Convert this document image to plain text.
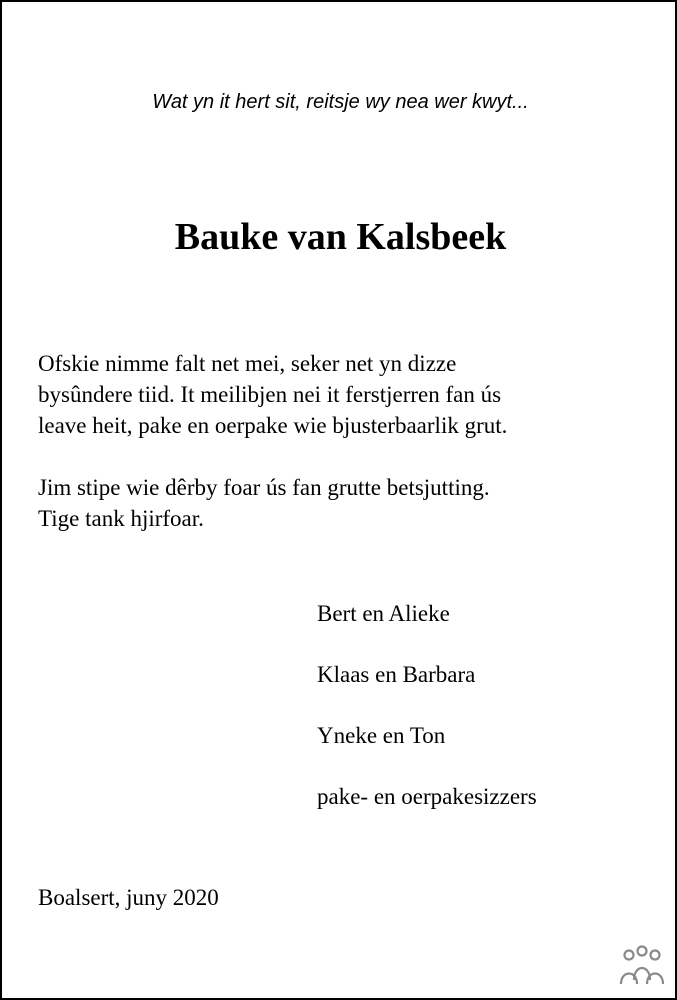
Wat yn it hert sit, reitsje wy nea wer kwyt...
Bauke van Kalsbeek

Ofskie nimme falt net mei, seker net yn dizze
bysûndere tiid. It meilibjen nei it ferstjerren fan ús
leave heit, pake en oerpake wie bjusterbaarlik grut.

Jim stipe wie dêrby foar ús fan grutte betsjutting.
Tige tank hjirfoar.

Bert en Alieke
Klaas en Barbara
Yneke en Ton
pake- en oerpakesizzers
Boalsert, juny 2020
